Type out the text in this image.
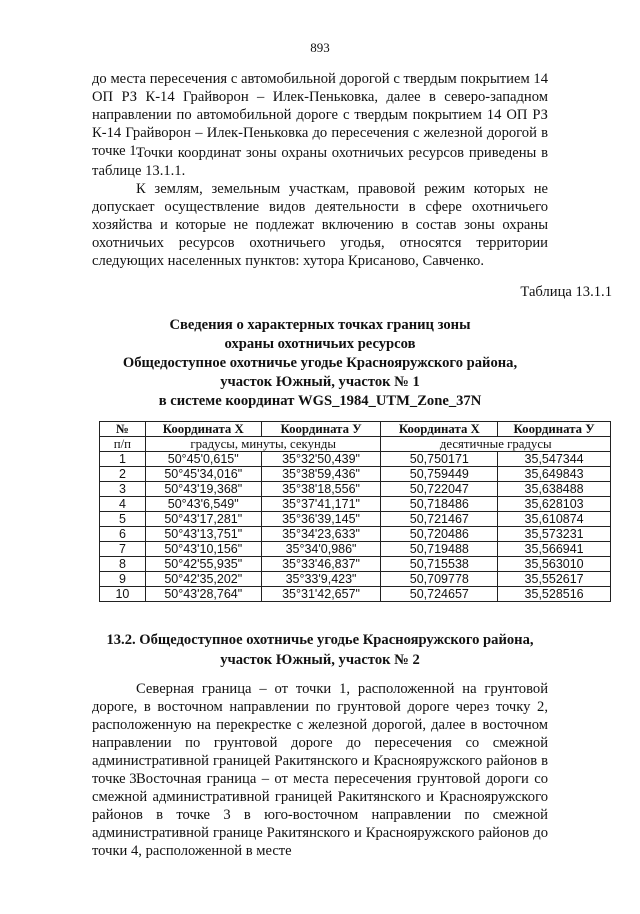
893

до места пересечения с автомобильной дорогой с твердым покрытием 14 ОП РЗ К-14 Грайворон – Илек-Пеньковка, далее в северо-западном направлении по автомобильной дороге с твердым покрытием 14 ОП РЗ К-14 Грайворон – Илек-Пеньковка до пересечения с железной дорогой в точке 1.

Точки координат зоны охраны охотничьих ресурсов приведены в таблице 13.1.1.

К землям, земельным участкам, правовой режим которых не допускает осуществление видов деятельности в сфере охотничьего хозяйства и которые не подлежат включению в состав зоны охраны охотничьих ресурсов охотничьего угодья, относятся территории следующих населенных пунктов: хутора Крисаново, Савченко.

Таблица 13.1.1
Сведения о характерных точках границ зоны
охраны охотничьих ресурсов
Общедоступное охотничье угодье Краснояружского района,
участок Южный, участок № 1
в системе координат WGS_1984_UTM_Zone_37N
№	Координата X	Координата У	Координата X	Координата У
п/п	градусы, минуты, секунды		десятичные градусы	
1	50°45'0,615"	35°32'50,439"	50,750171	35,547344
2	50°45'34,016"	35°38'59,436"	50,759449	35,649843
3	50°43'19,368"	35°38'18,556"	50,722047	35,638488
4	50°43'6,549"	35°37'41,171"	50,718486	35,628103
5	50°43'17,281"	35°36'39,145"	50,721467	35,610874
6	50°43'13,751"	35°34'23,633"	50,720486	35,573231
7	50°43'10,156"	35°34'0,986"	50,719488	35,566941
8	50°42'55,935"	35°33'46,837"	50,715538	35,563010
9	50°42'35,202"	35°33'9,423"	50,709778	35,552617
10	50°43'28,764"	35°31'42,657"	50,724657	35,528516
13.2. Общедоступное охотничье угодье Краснояружского района,
участок Южный, участок № 2

Северная граница – от точки 1, расположенной на грунтовой дороге, в восточном направлении по грунтовой дороге через точку 2, расположенную на перекрестке с железной дорогой, далее в восточном направлении по грунтовой дороге до пересечения со смежной административной границей Ракитянского и Краснояружского районов в точке 3.

Восточная граница – от места пересечения грунтовой дороги со смежной административной границей Ракитянского и Краснояружского районов в точке 3 в юго-восточном направлении по смежной административной границе Ракитянского и Краснояружского районов до точки 4, расположенной в месте
